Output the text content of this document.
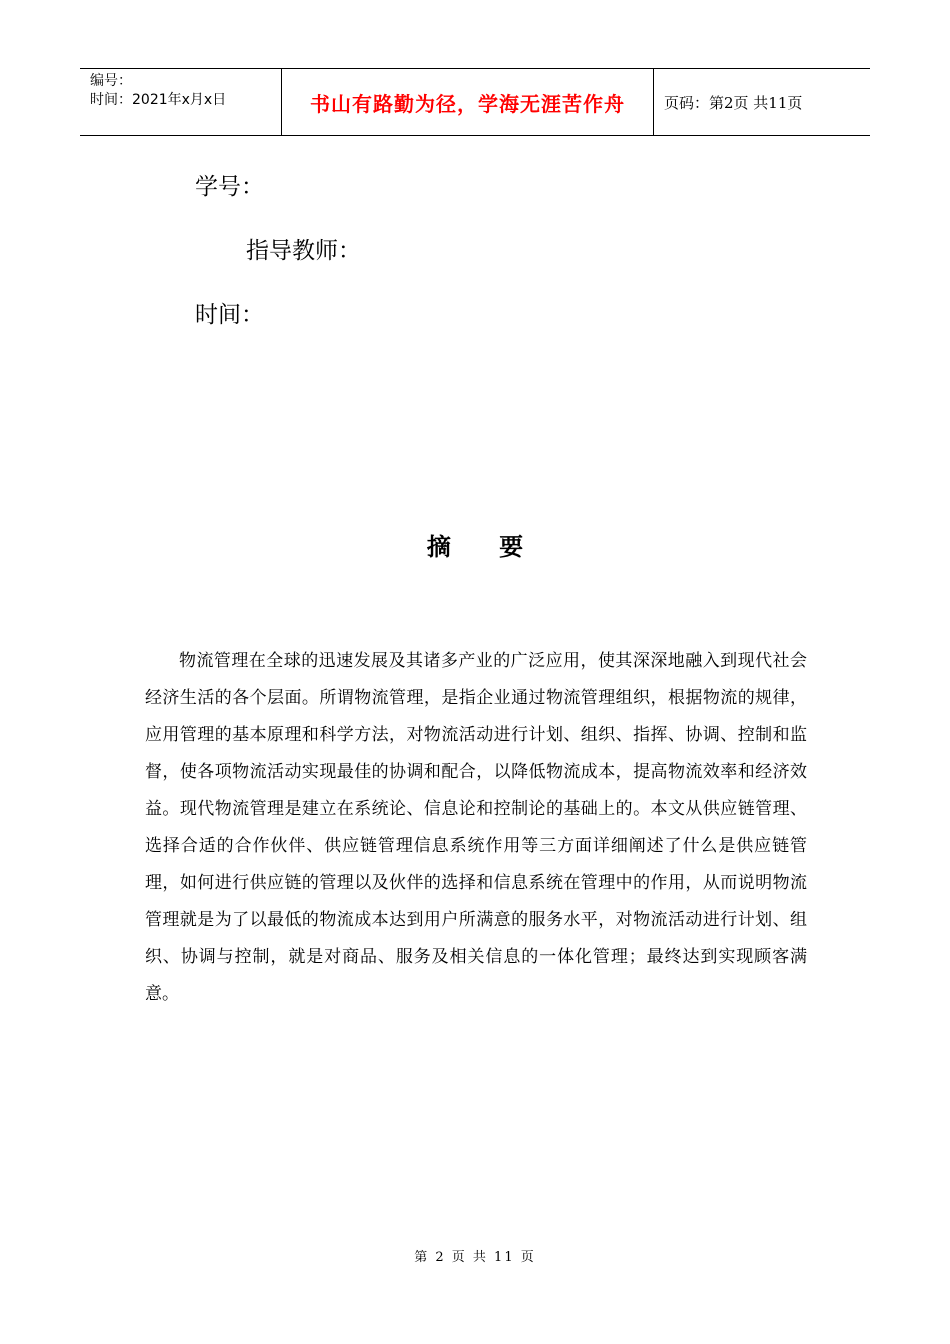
编号：
时间：2021年x月x日	书山有路勤为径，学海无涯苦作舟	页码：第2页 共11页
学号：
指导教师：
时间：
摘 要

物流管理在全球的迅速发展及其诸多产业的广泛应用，使其深深地融入到现代社会经济生活的各个层面。所谓物流管理，是指企业通过物流管理组织，根据物流的规律，应用管理的基本原理和科学方法，对物流活动进行计划、组织、指挥、协调、控制和监督，使各项物流活动实现最佳的协调和配合，以降低物流成本，提高物流效率和经济效益。现代物流管理是建立在系统论、信息论和控制论的基础上的。本文从供应链管理、选择合适的合作伙伴、供应链管理信息系统作用等三方面详细阐述了什么是供应链管理，如何进行供应链的管理以及伙伴的选择和信息系统在管理中的作用，从而说明物流管理就是为了以最低的物流成本达到用户所满意的服务水平，对物流活动进行计划、组织、协调与控制，就是对商品、服务及相关信息的一体化管理；最终达到实现顾客满意。

第 2 页 共 11 页
